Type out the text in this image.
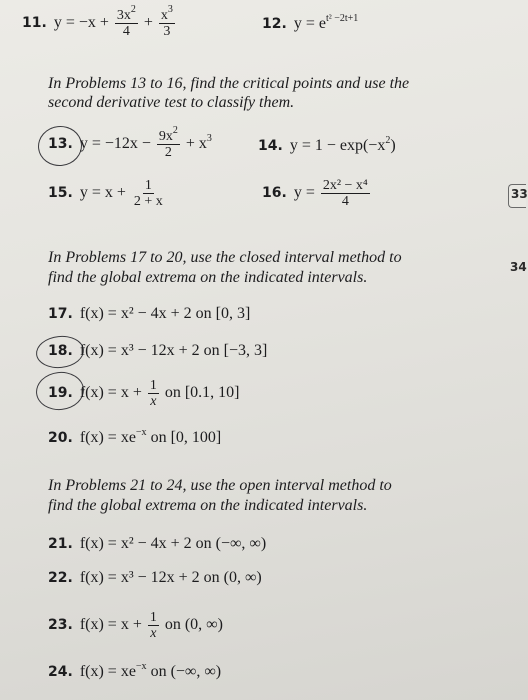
11. $y = -x + \frac{3x^2}{4} + \frac{x^3}{3}$	12. $y = e^{t^2 -2t+1}$
In Problems 13 to 16, find the critical points and use the
second derivative test to classify them.
13. $y = -12x - \frac{9x^2}{2} + x^3$	14. $y = 1 - \exp(-x^2)$
15. $y = x + \frac{1}{2 + x}$	16. $y = \frac{\text{2x² − x⁴}}{4}$	33
34
In Problems 17 to 20, use the closed interval method to
find the global extrema on the indicated intervals.
17. f(x) = x² − 4x + 2 on [0, 3]
18. f(x) = x³ − 12x + 2 on [−3, 3]
19. $f(x) = x + \frac{1}{x}$ on [0.1, 10]
20. $f(x) = xe^{-x}$ on [0, 100]
In Problems 21 to 24, use the open interval method to
find the global extrema on the indicated intervals.
21. f(x) = x² − 4x + 2 on (−∞, ∞)
22. f(x) = x³ − 12x + 2 on (0, ∞)
23. $f(x) = x + \frac{1}{x}$ on (0, ∞)
24. $f(x) = xe^{-x}$ on (−∞, ∞)
